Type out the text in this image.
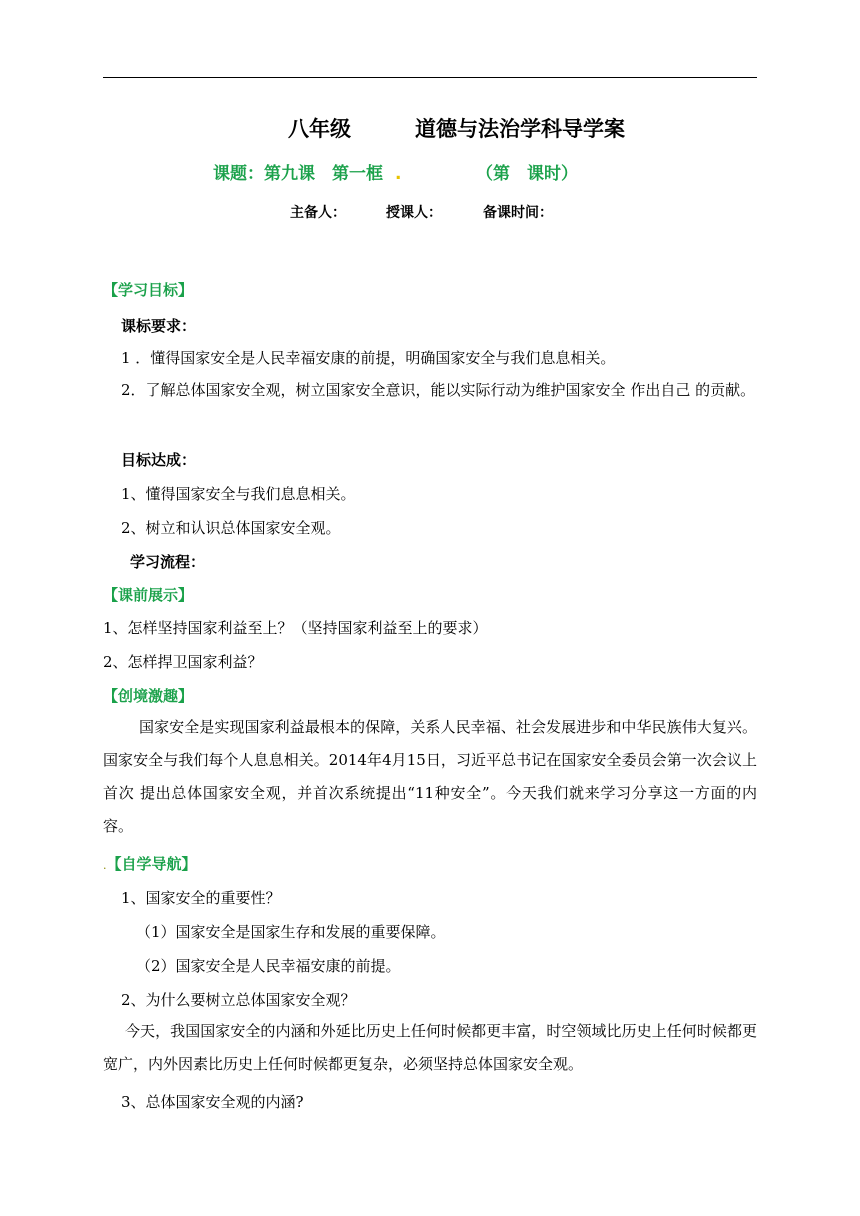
八年级	道德与法治学科导学案
课题：第九课　第一框 .	（第　课时）
主备人：	授课人：	备课时间：
【学习目标】
课标要求：
1 ．懂得国家安全是人民幸福安康的前提，明确国家安全与我们息息相关。
2．了解总体国家安全观，树立国家安全意识，能以实际行动为维护国家安全 作出自己 的贡献。
目标达成：
1、懂得国家安全与我们息息相关。
2、树立和认识总体国家安全观。
学习流程：
【课前展示】
1、怎样坚持国家利益至上？（坚持国家利益至上的要求）
2、怎样捍卫国家利益？
【创境激趣】
国家安全是实现国家利益最根本的保障，关系人民幸福、社会发展进步和中华民族伟大复兴。国家安全与我们每个人息息相关。2014年4月15日，习近平总书记在国家安全委员会第一次会议上首次 提出总体国家安全观，并首次系统提出“11种安全”。今天我们就来学习分享这一方面的内容。
.【自学导航】
1、国家安全的重要性？
（1）国家安全是国家生存和发展的重要保障。
（2）国家安全是人民幸福安康的前提。
2、为什么要树立总体国家安全观？
今天，我国国家安全的内涵和外延比历史上任何时候都更丰富，时空领域比历史上任何时候都更宽广，内外因素比历史上任何时候都更复杂，必须坚持总体国家安全观。
3、总体国家安全观的内涵?
